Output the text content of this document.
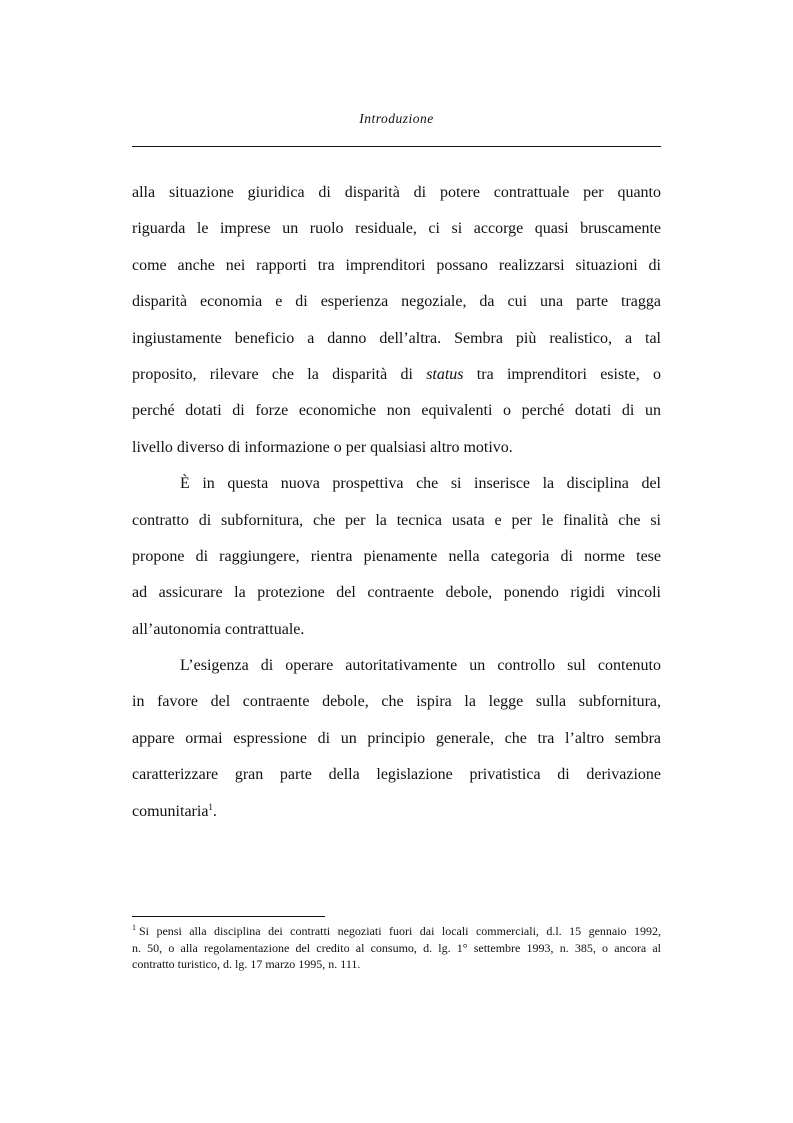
Introduzione
alla situazione giuridica di disparità di potere contrattuale per quanto
riguarda le imprese un ruolo residuale, ci si accorge quasi bruscamente
come anche nei rapporti tra imprenditori possano realizzarsi situazioni di
disparità economia e di esperienza negoziale, da cui una parte tragga
ingiustamente beneficio a danno dell’altra. Sembra più realistico, a tal
proposito, rilevare che la disparità di status tra imprenditori esiste, o
perché dotati di forze economiche non equivalenti o perché dotati di un
livello diverso di informazione o per qualsiasi altro motivo.
È in questa nuova prospettiva che si inserisce la disciplina del
contratto di subfornitura, che per la tecnica usata e per le finalità che si
propone di raggiungere, rientra pienamente nella categoria di norme tese
ad assicurare la protezione del contraente debole, ponendo rigidi vincoli
all’autonomia contrattuale.
L’esigenza di operare autoritativamente un controllo sul contenuto
in favore del contraente debole, che ispira la legge sulla subfornitura,
appare ormai espressione di un principio generale, che tra l’altro sembra
caratterizzare gran parte della legislazione privatistica di derivazione
comunitaria$^1$.
$^1$ Si pensi alla disciplina dei contratti negoziati fuori dai locali commerciali, d.l. 15 gennaio 1992,
n. 50, o alla regolamentazione del credito al consumo, d. lg. 1° settembre 1993, n. 385, o ancora al
contratto turistico, d. lg. 17 marzo 1995, n. 111.
